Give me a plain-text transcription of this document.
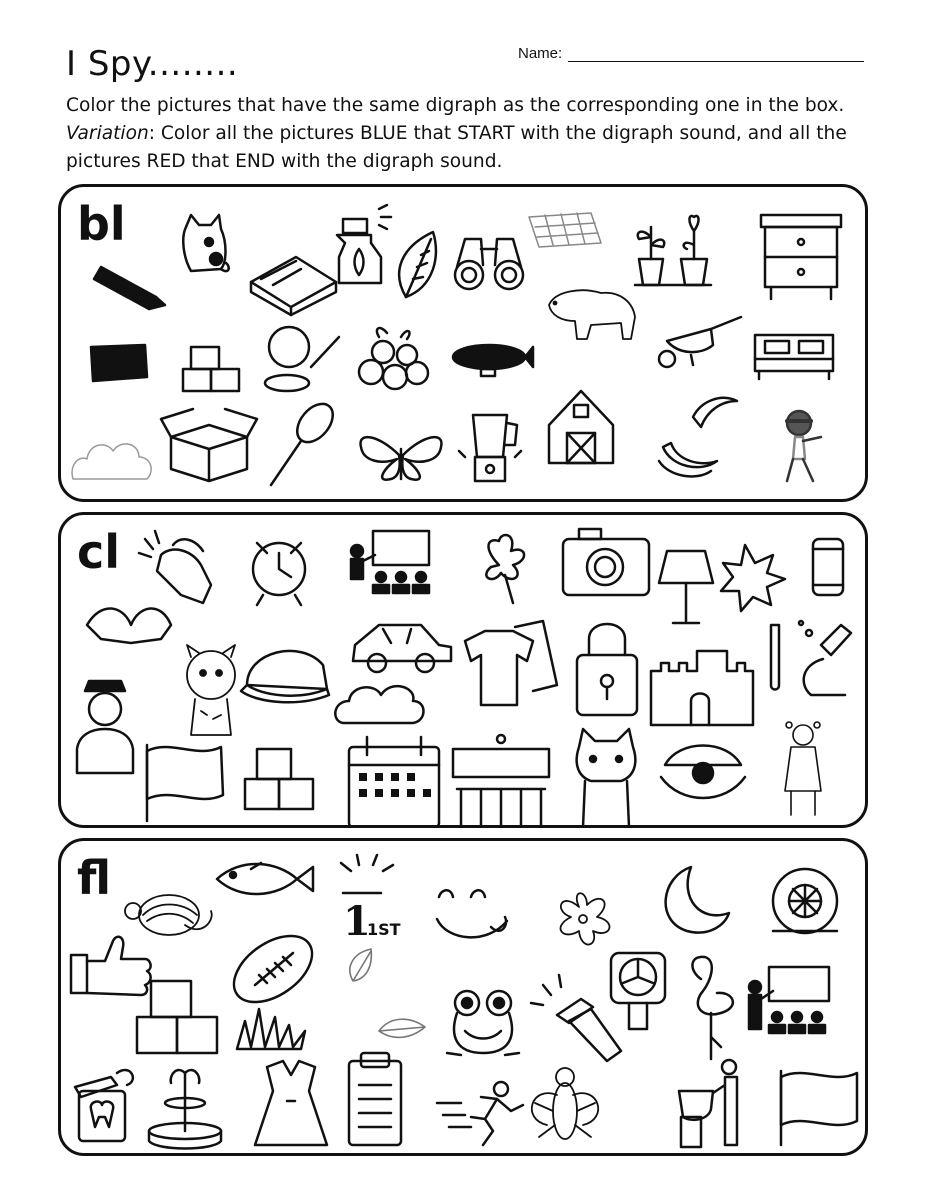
I Spy........	Name:
Color the pictures that have the same digraph as the corresponding one in the box. Variation: Color all the pictures BLUE that START with the digraph sound, and all the pictures RED that END with the digraph sound.
bl
cl
fl
1
1ST
